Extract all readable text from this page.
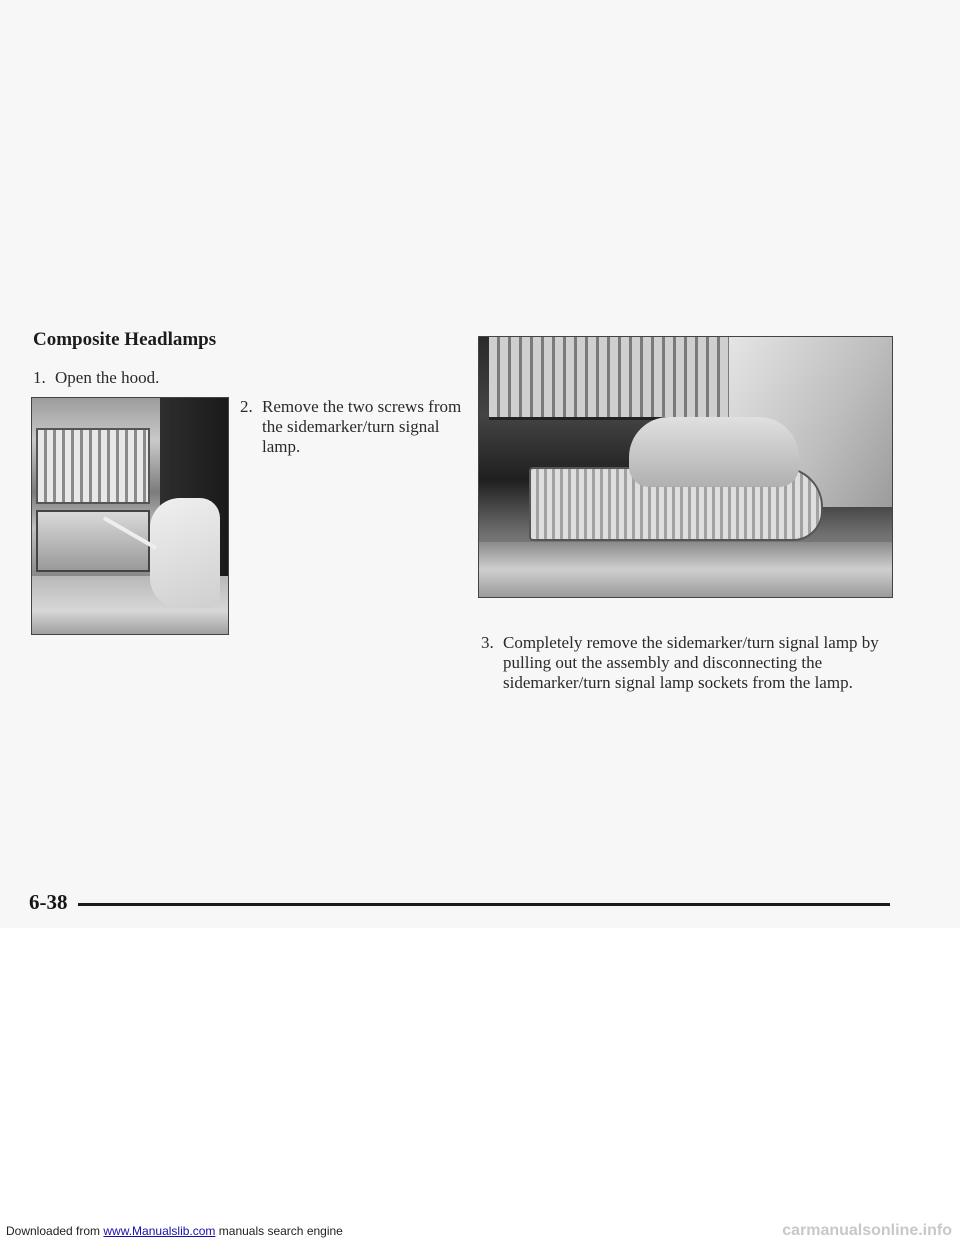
Composite Headlamps
1. Open the hood.
2. Remove the two screws from the sidemarker/turn signal lamp.
3. Completely remove the sidemarker/turn signal lamp by pulling out the assembly and disconnecting the sidemarker/turn signal lamp sockets from the lamp.
6-38
Downloaded from www.Manualslib.com manuals search engine	carmanualsonline.info
